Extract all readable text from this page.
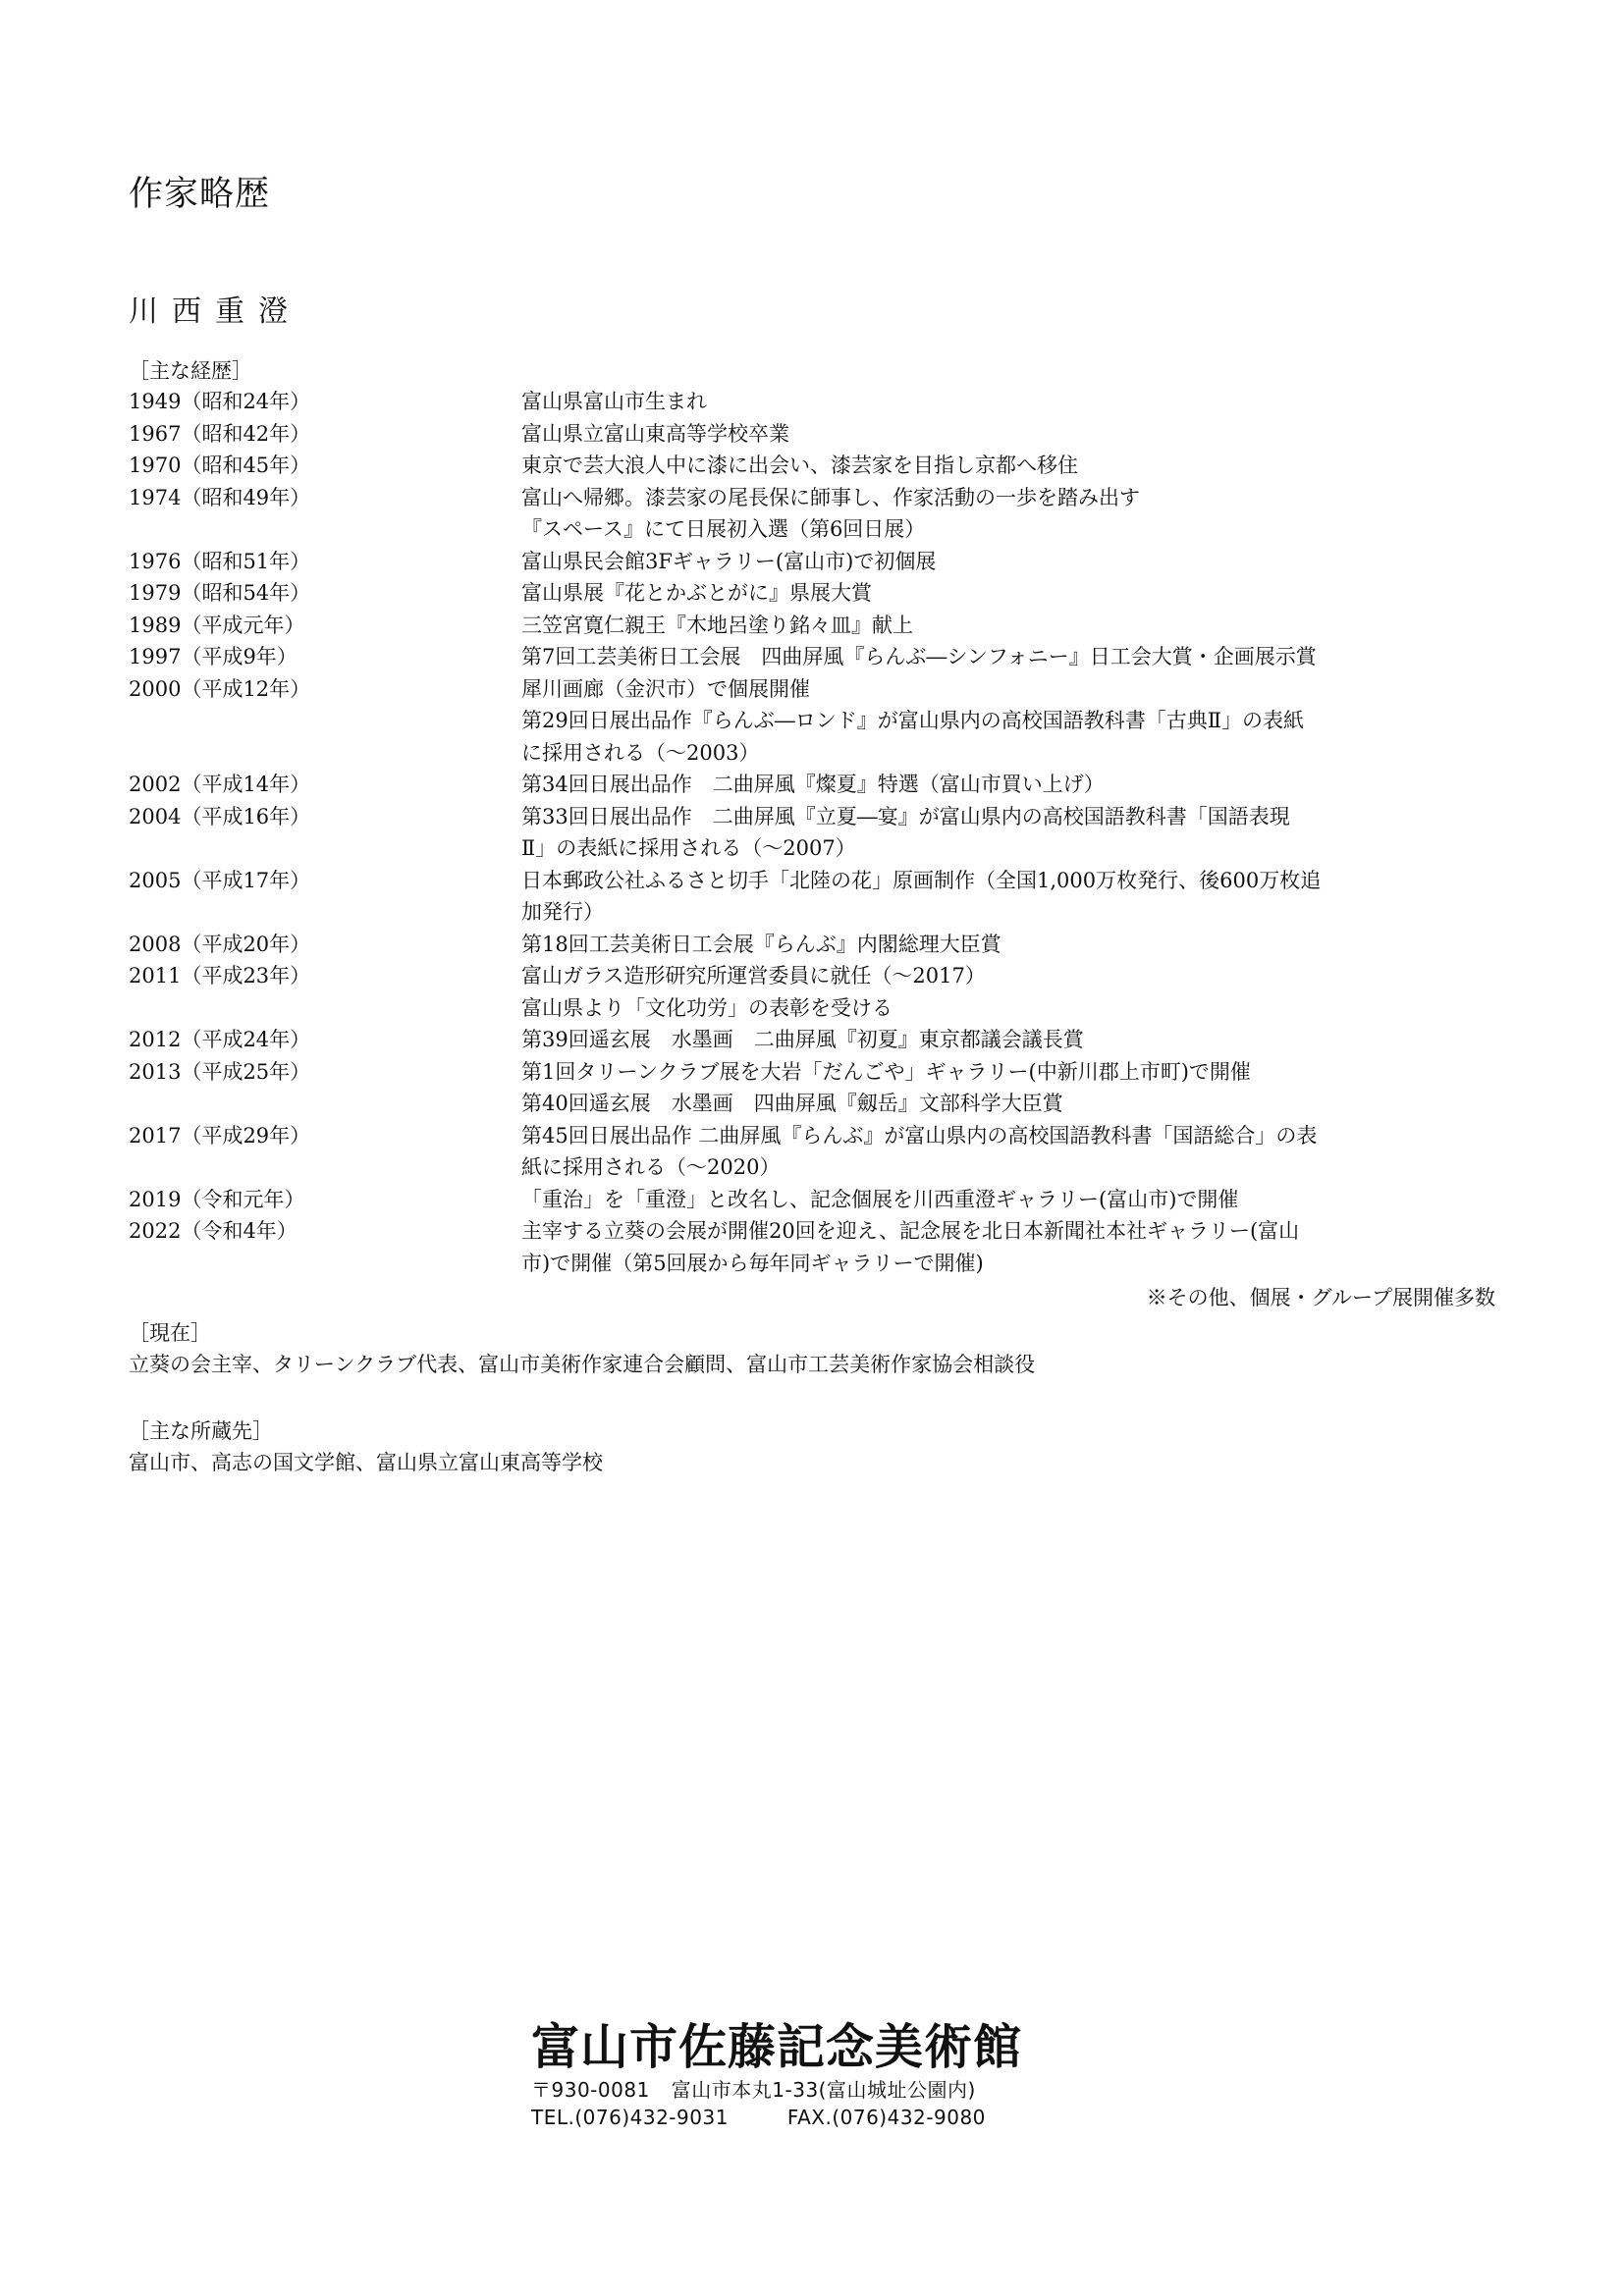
作家略歴
川西重澄
［主な経歴］
1949（昭和24年）	富山県富山市生まれ
1967（昭和42年）	富山県立富山東高等学校卒業
1970（昭和45年）	東京で芸大浪人中に漆に出会い、漆芸家を目指し京都へ移住
1974（昭和49年）	富山へ帰郷。漆芸家の尾長保に師事し、作家活動の一歩を踏み出す
『スペース』にて日展初入選（第6回日展）
1976（昭和51年）	富山県民会館3Fギャラリー(富山市)で初個展
1979（昭和54年）	富山県展『花とかぶとがに』県展大賞
1989（平成元年）	三笠宮寛仁親王『木地呂塗り銘々皿』献上
1997（平成9年）	第7回工芸美術日工会展　四曲屏風『らんぶ―シンフォニー』日工会大賞・企画展示賞
2000（平成12年）	犀川画廊（金沢市）で個展開催
第29回日展出品作『らんぶ―ロンド』が富山県内の高校国語教科書「古典Ⅱ」の表紙
に採用される（～2003）
2002（平成14年）	第34回日展出品作　二曲屏風『燦夏』特選（富山市買い上げ）
2004（平成16年）	第33回日展出品作　二曲屏風『立夏―宴』が富山県内の高校国語教科書「国語表現
Ⅱ」の表紙に採用される（～2007）
2005（平成17年）	日本郵政公社ふるさと切手「北陸の花」原画制作（全国1,000万枚発行、後600万枚追
加発行）
2008（平成20年）	第18回工芸美術日工会展『らんぶ』内閣総理大臣賞
2011（平成23年）	富山ガラス造形研究所運営委員に就任（～2017）
富山県より「文化功労」の表彰を受ける
2012（平成24年）	第39回遥玄展　水墨画　二曲屏風『初夏』東京都議会議長賞
2013（平成25年）	第1回タリーンクラブ展を大岩「だんごや」ギャラリー(中新川郡上市町)で開催
第40回遥玄展　水墨画　四曲屏風『劔岳』文部科学大臣賞
2017（平成29年）	第45回日展出品作 二曲屏風『らんぶ』が富山県内の高校国語教科書「国語総合」の表
紙に採用される（～2020）
2019（令和元年）	「重治」を「重澄」と改名し、記念個展を川西重澄ギャラリー(富山市)で開催
2022（令和4年）	主宰する立葵の会展が開催20回を迎え、記念展を北日本新聞社本社ギャラリー(富山
市)で開催（第5回展から毎年同ギャラリーで開催)
※その他、個展・グループ展開催多数
［現在］
立葵の会主宰、タリーンクラブ代表、富山市美術作家連合会顧問、富山市工芸美術作家協会相談役
［主な所蔵先］
富山市、高志の国文学館、富山県立富山東高等学校
富山市佐藤記念美術館
〒930-0081 富山市本丸1-33(富山城址公園内)
TEL.(076)432-9031	FAX.(076)432-9080
